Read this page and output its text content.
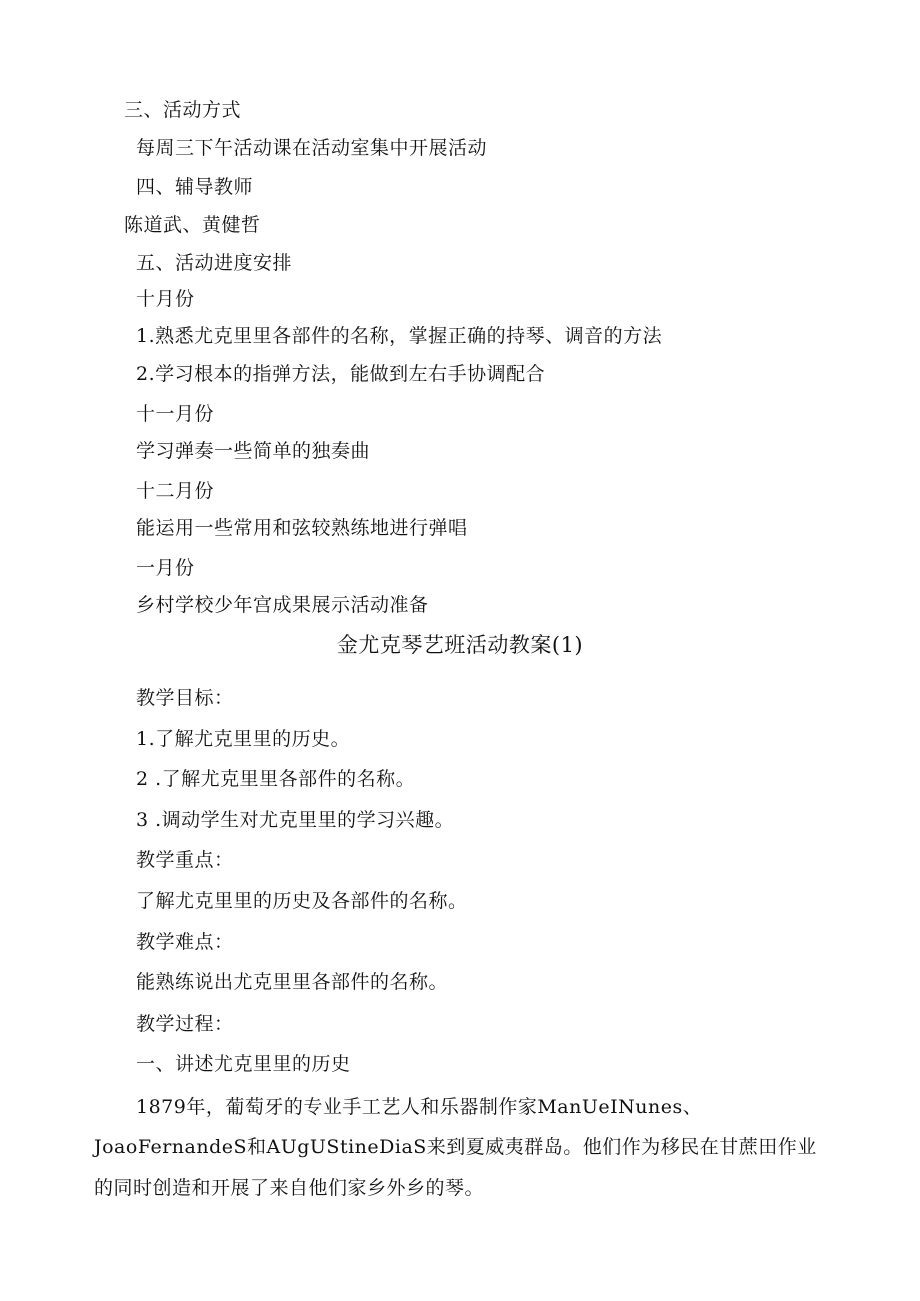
三、活动方式
每周三下午活动课在活动室集中开展活动
四、辅导教师
陈道武、黄健哲
五、活动进度安排
十月份
1.熟悉尤克里里各部件的名称，掌握正确的持琴、调音的方法
2.学习根本的指弹方法，能做到左右手协调配合
十一月份
学习弹奏一些简单的独奏曲
十二月份
能运用一些常用和弦较熟练地进行弹唱
一月份
乡村学校少年宫成果展示活动准备
金尤克琴艺班活动教案(1)
教学目标：
1.了解尤克里里的历史。
2 .了解尤克里里各部件的名称。
3 .调动学生对尤克里里的学习兴趣。
教学重点：
了解尤克里里的历史及各部件的名称。
教学难点：
能熟练说出尤克里里各部件的名称。
教学过程：
一、讲述尤克里里的历史
1879年，葡萄牙的专业手工艺人和乐器制作家ManUeINunes、
JoaoFernandeS和AUgUStineDiaS来到夏威夷群岛。他们作为移民在甘蔗田作业
的同时创造和开展了来自他们家乡外乡的琴。
